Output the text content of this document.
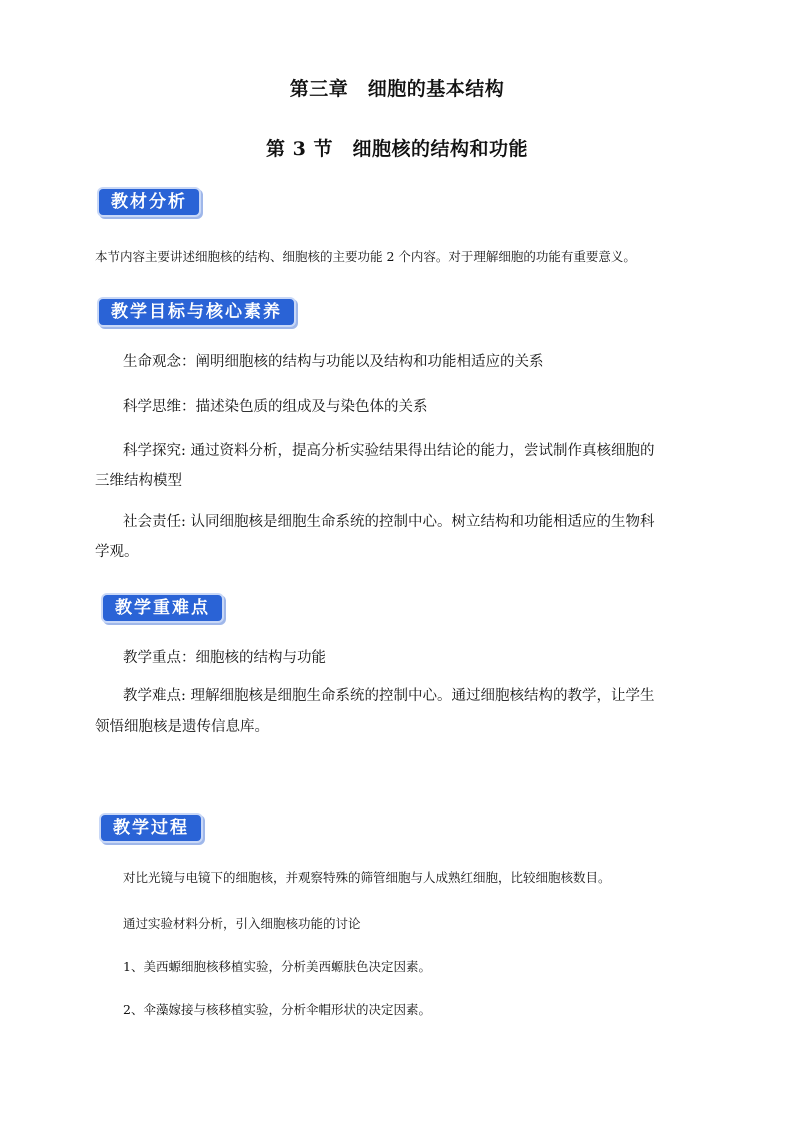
第三章　细胞的基本结构
第 3 节　细胞核的结构和功能
教材分析
本节内容主要讲述细胞核的结构、细胞核的主要功能 2 个内容。对于理解细胞的功能有重要意义。
教学目标与核心素养
生命观念：阐明细胞核的结构与功能以及结构和功能相适应的关系
科学思维：描述染色质的组成及与染色体的关系
科学探究: 通过资料分析，提高分析实验结果得出结论的能力，尝试制作真核细胞的
三维结构模型
社会责任: 认同细胞核是细胞生命系统的控制中心。树立结构和功能相适应的生物科
学观。
教学重难点
教学重点：细胞核的结构与功能
教学难点: 理解细胞核是细胞生命系统的控制中心。通过细胞核结构的教学，让学生
领悟细胞核是遗传信息库。
教学过程
对比光镜与电镜下的细胞核，并观察特殊的筛管细胞与人成熟红细胞，比较细胞核数目。
通过实验材料分析，引入细胞核功能的讨论
1、美西螈细胞核移植实验，分析美西螈肤色决定因素。
2、伞藻嫁接与核移植实验，分析伞帽形状的决定因素。
